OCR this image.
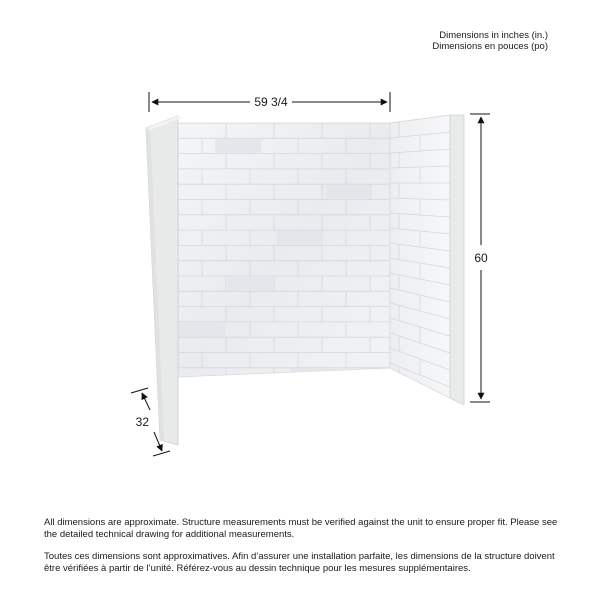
Dimensions in inches (in.)
Dimensions en pouces (po)
59 3/4
60
32

All dimensions are approximate. Structure measurements must be verified against the unit to ensure proper fit. Please see the detailed technical drawing for additional measurements.

Toutes ces dimensions sont approximatives. Afin d’assurer une installation parfaite, les dimensions de la structure doivent être vérifiées à partir de l’unité. Référez-vous au dessin technique pour les mesures supplémentaires.
